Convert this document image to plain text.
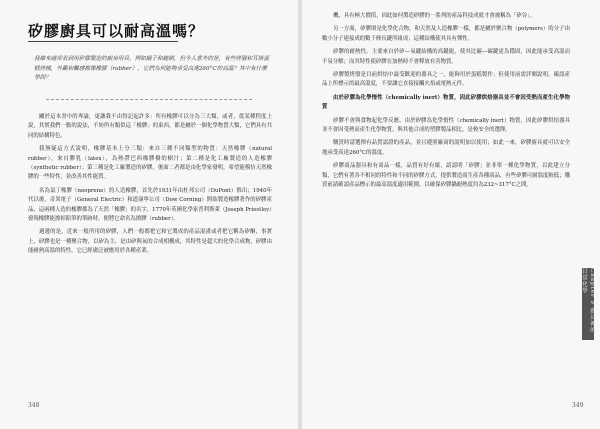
矽膠廚具可以耐高溫嗎？

我確來越常看到用矽膠製造的廚房用具，例如鍋子和鏟刷，但今人意外的是，有些烤盤和耳掛蛋糕烤模，外觀和觸感都像橡膠（rubber），它們為何能夠承受高達260°C的高溫？其中有什麼學問？

關於這本書中的專論，更讓我不由得記起許多：所有橡膠可以分為三大類，或者，從某種程度上說，其實我們一點的說法，不妨所有類似這「橡膠」的東西，都是屬於一個化學物質大類，它們具有共同的結構特色。

我無疑這方式說明，橡膠基本上分三類：來自三種不同類型的物質：天然橡膠（natural rubber），來自膠乳（latex），為熱帶巴西橡膠樹的樹汁；第二種是化工廠製造的人造橡膠（synthetic rubber）；第三種是化工廠製造的矽膠，後面二者都是由化學家發明，希望能模仿天然橡膠的一些特性，並改善其性能質。

名為氯丁橡膠（neoprene）的人造橡膠，首先於1931年由杜邦公司（DuPont）推出；1940年代以後，奇異電子（General Electric）和道康寧公司（Dow Corning）開始製造橡膠著作的矽膠產品，這兩種人造的橡膠都為了天然「橡膠」的名字，1770年英國化學家普利斯萊（Joseph Priestley）發現橡膠能擦掉鉛筆的筆跡時，便將它命名為擦膠（rubber）。

週邊的是，近來一般所用的矽膠，人們一般都把它和它製成的產品混淆或者把它稱為矽酮，事實上，矽膠也是一種聚合物，以矽為主、是由矽與氧的合成相構成，其特性是超大的化學合成物，矽膠由能耐熱高溫的特性，它已經廣泛被應用於各種產業。

348

機，具有極大價值，因此如何製造矽膠的一系列的產品科技成就才會被稱為「矽谷」。

另一方面，矽膠則是化學化合物，和天然及人造橡膠一樣，都是屬於聚合物（polymers）的分子由數小分子連接成的數千條長鏈所組成；這種結構使其具有彈性。

矽膠的耐熱性，主要來自於矽—氧鍵結構的高鍵能，使其比碳—碳鍵更為穩固，因此能承受高溫而不易分解；而其特性使矽膠在加熱時不會釋放有害物質。

矽膠製烤盤是目前烘焙中最受歡迎的器具之一，能夠用於蛋糕製作；但使用前需詳閱說明，確認產品上所標示的最高溫度，不要讓它直接接觸火焰或電熱元件。

由於矽膠為化學惰性（chemically inert）物質，因此矽膠烘焙器具並不會因受熱而產生化學物質

矽膠不會與食物起化學反應，由於矽膠為化學惰性（chemically inert）物質，因此矽膠烘焙器具並不會因受熱而產生化學物質，與其他合成的塑膠製品相比，是較安全的選擇。

購買時請選擇有品質認證的產品，並且遵照廠商的說明加以使用；如此一來，矽膠廚具就可以安全地承受高達260°C的溫度。

矽膠商品器具和有商品一樣，品質有好有壞，請認明「矽膠」並非單一種化學物質，以此建立分類，它們有著各不相同的特性和不同的矽膠方式，提供製造商生產各種商品，有些矽膠可耐溫度較低；購買前請確認產品標示的最高溫度適用範圍，以確保矽膠鍋耐熱度約為232~317°C之間。

Chapter 9 廚具裡的日常化學
349
